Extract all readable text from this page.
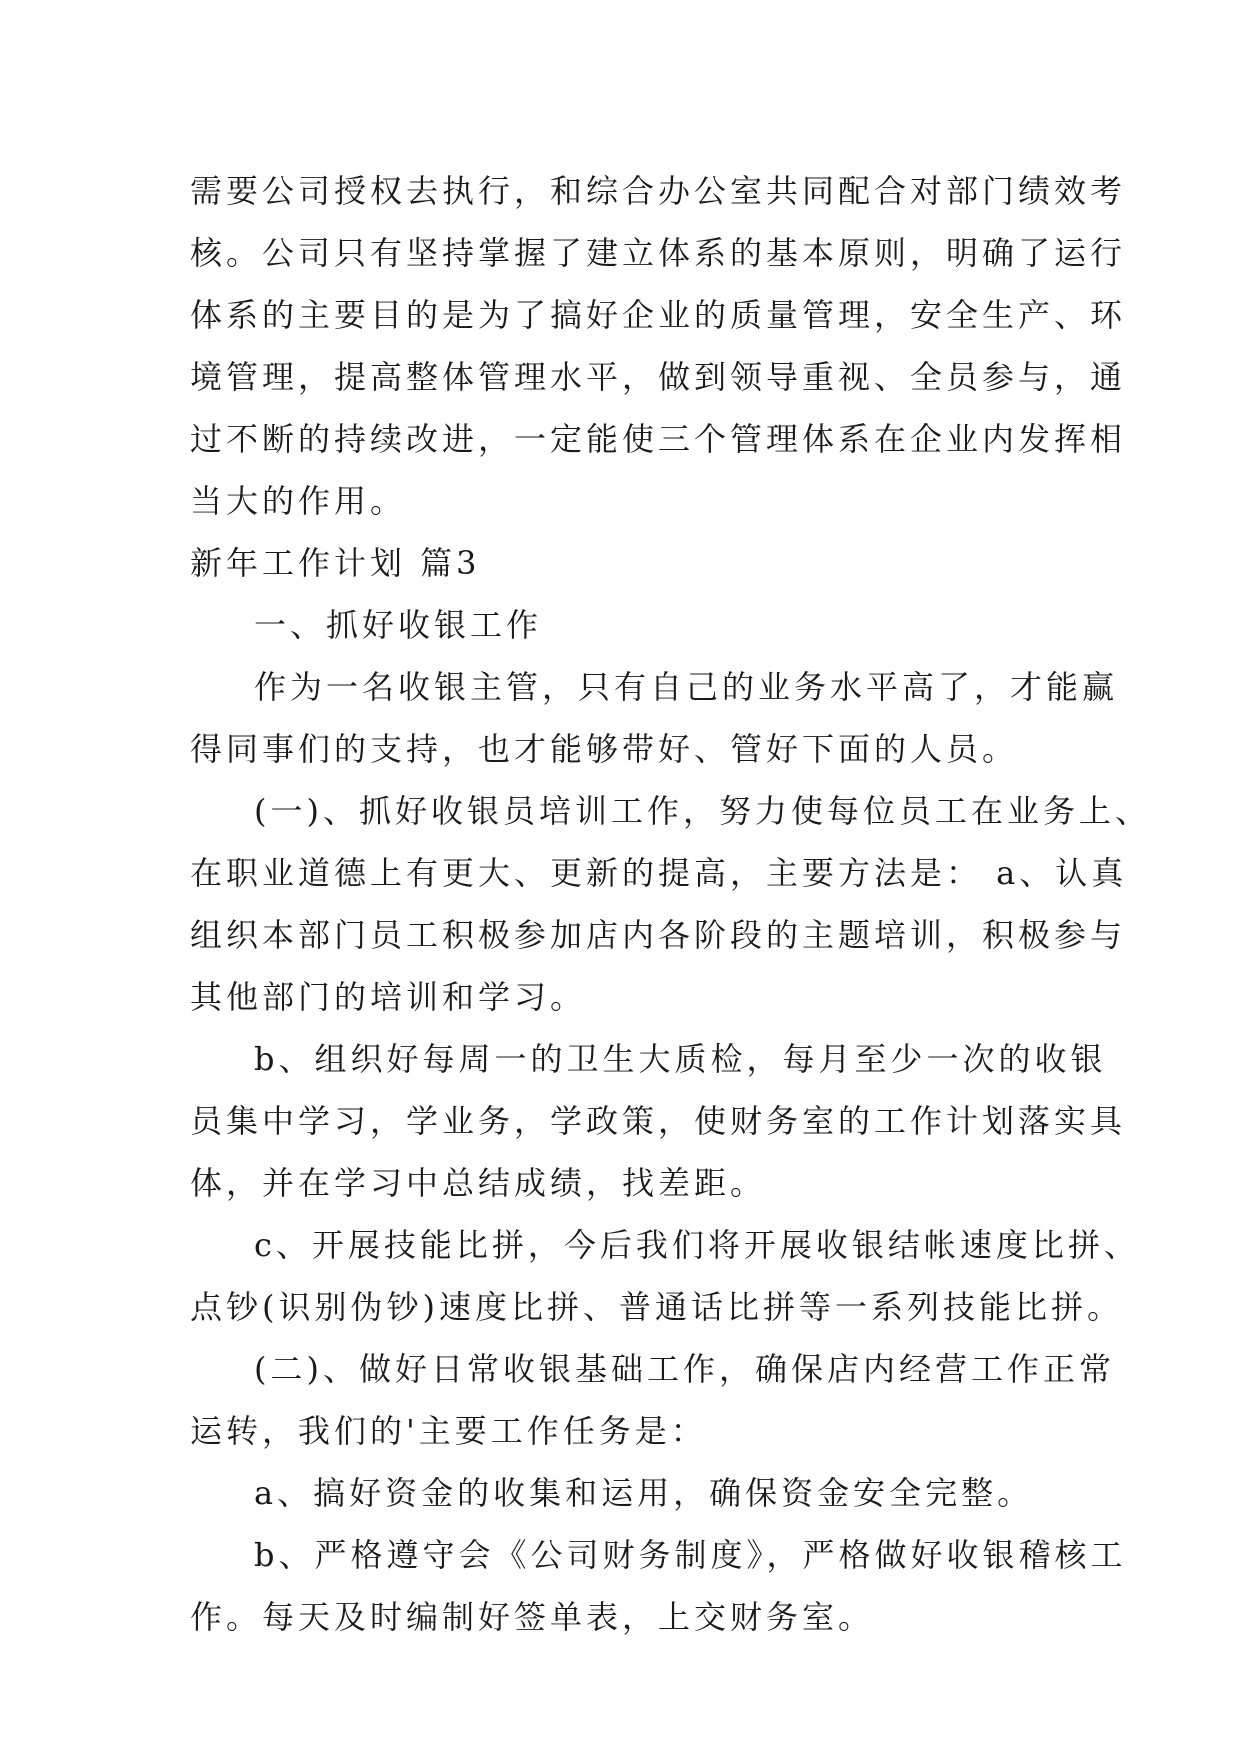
需要公司授权去执行，和综合办公室共同配合对部门绩效考
核。公司只有坚持掌握了建立体系的基本原则，明确了运行
体系的主要目的是为了搞好企业的质量管理，安全生产、环
境管理，提高整体管理水平，做到领导重视、全员参与，通
过不断的持续改进，一定能使三个管理体系在企业内发挥相
当大的作用。
新年工作计划 篇3
一、抓好收银工作
作为一名收银主管，只有自己的业务水平高了，才能赢
得同事们的支持，也才能够带好、管好下面的人员。
(一)、抓好收银员培训工作，努力使每位员工在业务上、
在职业道德上有更大、更新的提高，主要方法是： a、认真
组织本部门员工积极参加店内各阶段的主题培训，积极参与
其他部门的培训和学习。
b、组织好每周一的卫生大质检，每月至少一次的收银
员集中学习，学业务，学政策，使财务室的工作计划落实具
体，并在学习中总结成绩，找差距。
c、开展技能比拼，今后我们将开展收银结帐速度比拼、
点钞(识别伪钞)速度比拼、普通话比拼等一系列技能比拼。
(二)、做好日常收银基础工作，确保店内经营工作正常
运转，我们的'主要工作任务是：
a、搞好资金的收集和运用，确保资金安全完整。
b、严格遵守会《公司财务制度》，严格做好收银稽核工
作。每天及时编制好签单表，上交财务室。
